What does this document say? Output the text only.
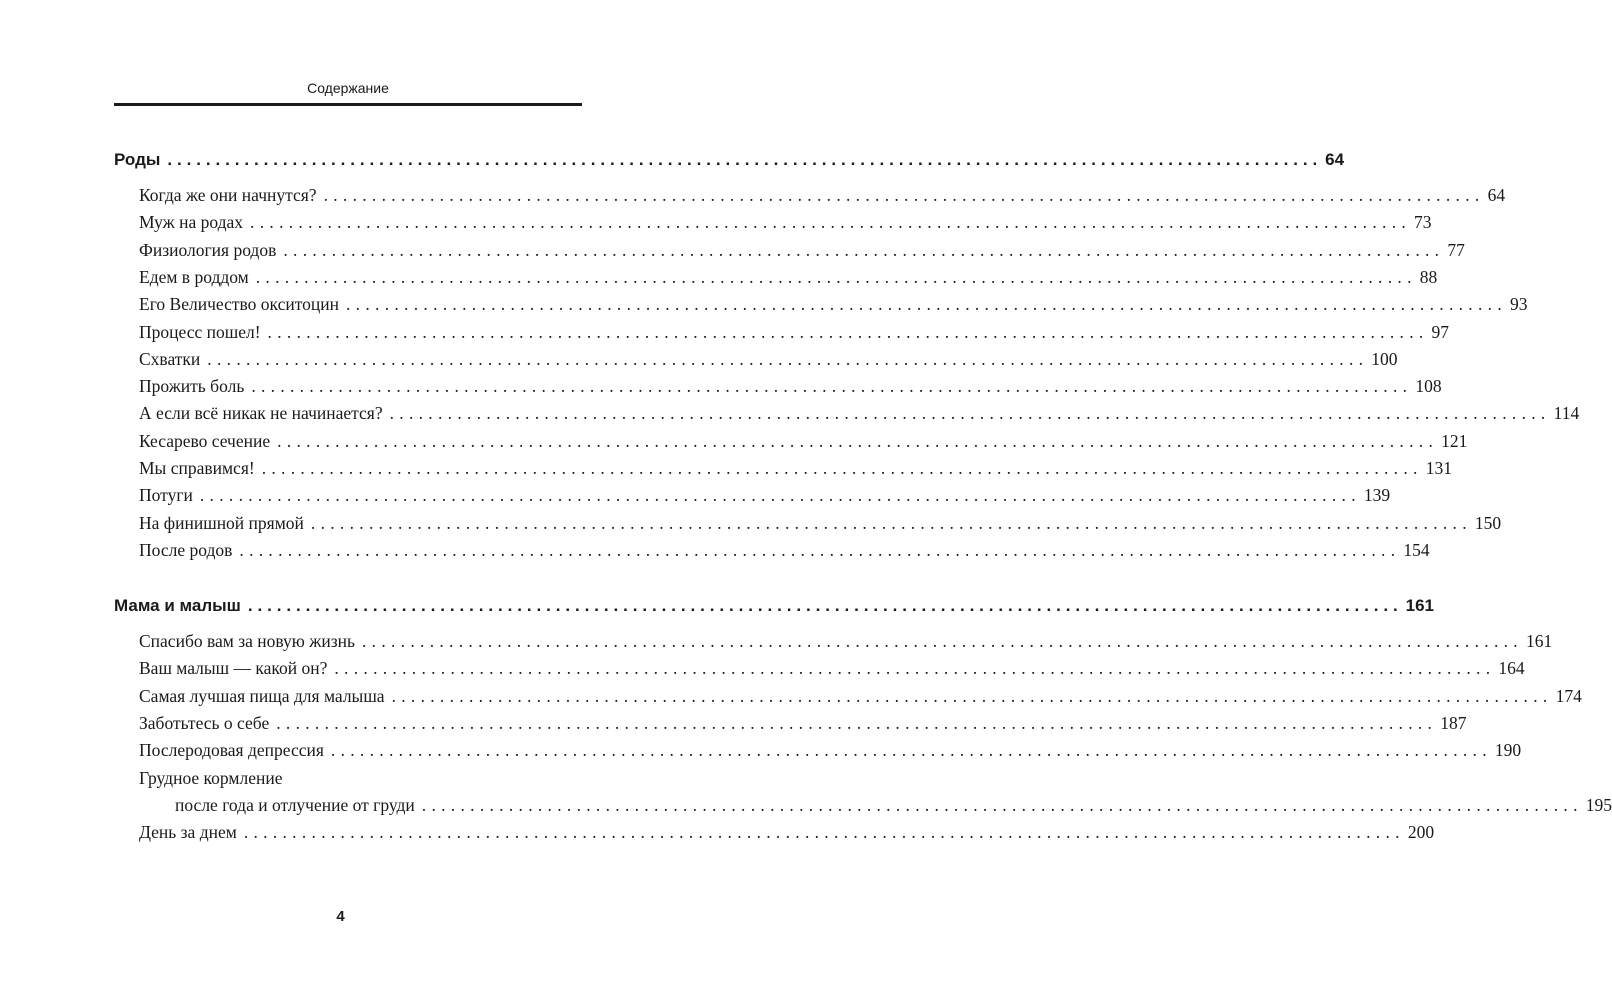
Содержание
Роды ........................................................................................................................ 64
Когда же они начнутся? ........................................................................................................................ 64
Муж на родах ........................................................................................................................ 73
Физиология родов ........................................................................................................................ 77
Едем в роддом ........................................................................................................................ 88
Его Величество окситоцин ........................................................................................................................ 93
Процесс пошел! ........................................................................................................................ 97
Схватки ........................................................................................................................ 100
Прожить боль ........................................................................................................................ 108
А если всё никак не начинается? ........................................................................................................................ 114
Кесарево сечение ........................................................................................................................ 121
Мы справимся! ........................................................................................................................ 131
Потуги ........................................................................................................................ 139
На финишной прямой ........................................................................................................................ 150
После родов ........................................................................................................................ 154
Мама и малыш ........................................................................................................................ 161
Спасибо вам за новую жизнь ........................................................................................................................ 161
Ваш малыш — какой он? ........................................................................................................................ 164
Самая лучшая пища для малыша ........................................................................................................................ 174
Заботьтесь о себе ........................................................................................................................ 187
Послеродовая депрессия ........................................................................................................................ 190
Грудное кормление
после года и отлучение от груди ........................................................................................................................ 195
День за днем ........................................................................................................................ 200
4
